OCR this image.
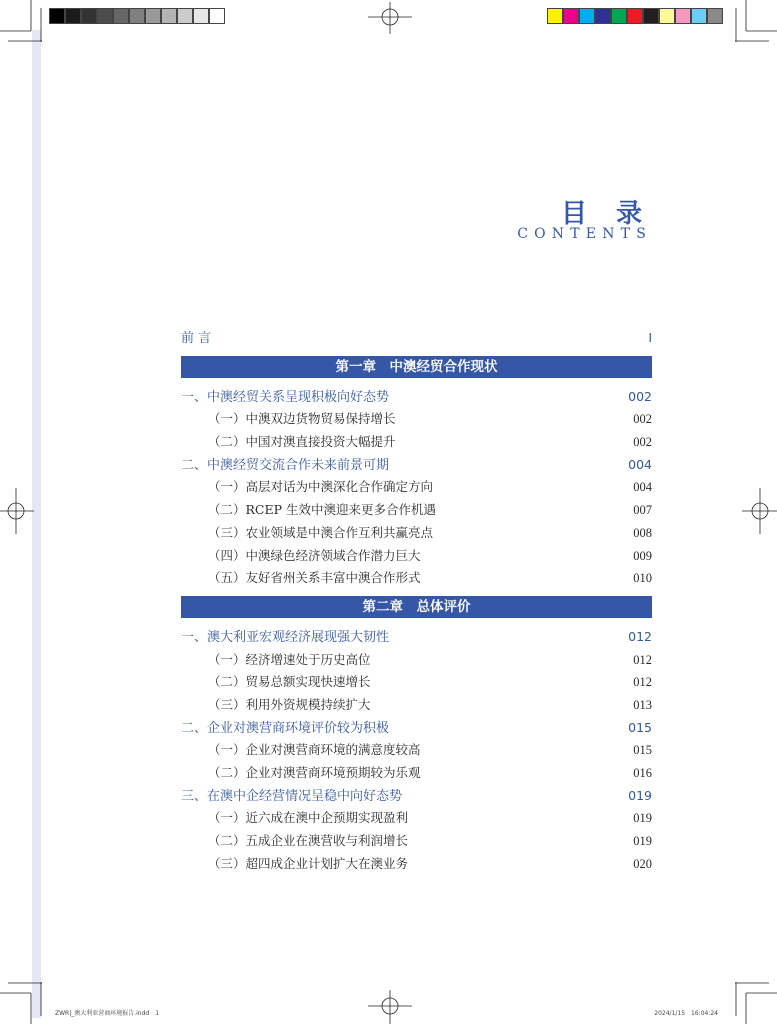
目 录
CONTENTS
前 言	I
第一章　中澳经贸合作现状
一、中澳经贸关系呈现积极向好态势	002
（一）中澳双边货物贸易保持增长	002
（二）中国对澳直接投资大幅提升	002
二、中澳经贸交流合作未来前景可期	004
（一）高层对话为中澳深化合作确定方向	004
（二）RCEP 生效中澳迎来更多合作机遇	007
（三）农业领域是中澳合作互利共赢亮点	008
（四）中澳绿色经济领域合作潜力巨大	009
（五）友好省州关系丰富中澳合作形式	010
第二章　总体评价
一、澳大利亚宏观经济展现强大韧性	012
（一）经济增速处于历史高位	012
（二）贸易总额实现快速增长	012
（三）利用外资规模持续扩大	013
二、企业对澳营商环境评价较为积极	015
（一）企业对澳营商环境的满意度较高	015
（二）企业对澳营商环境预期较为乐观	016
三、在澳中企经营情况呈稳中向好态势	019
（一）近六成在澳中企预期实现盈利	019
（二）五成企业在澳营收与利润增长	019
（三）超四成企业计划扩大在澳业务	020
ZWR|_澳大利亚营商环境报告.indd　1	2024/1/15　16:04:24
